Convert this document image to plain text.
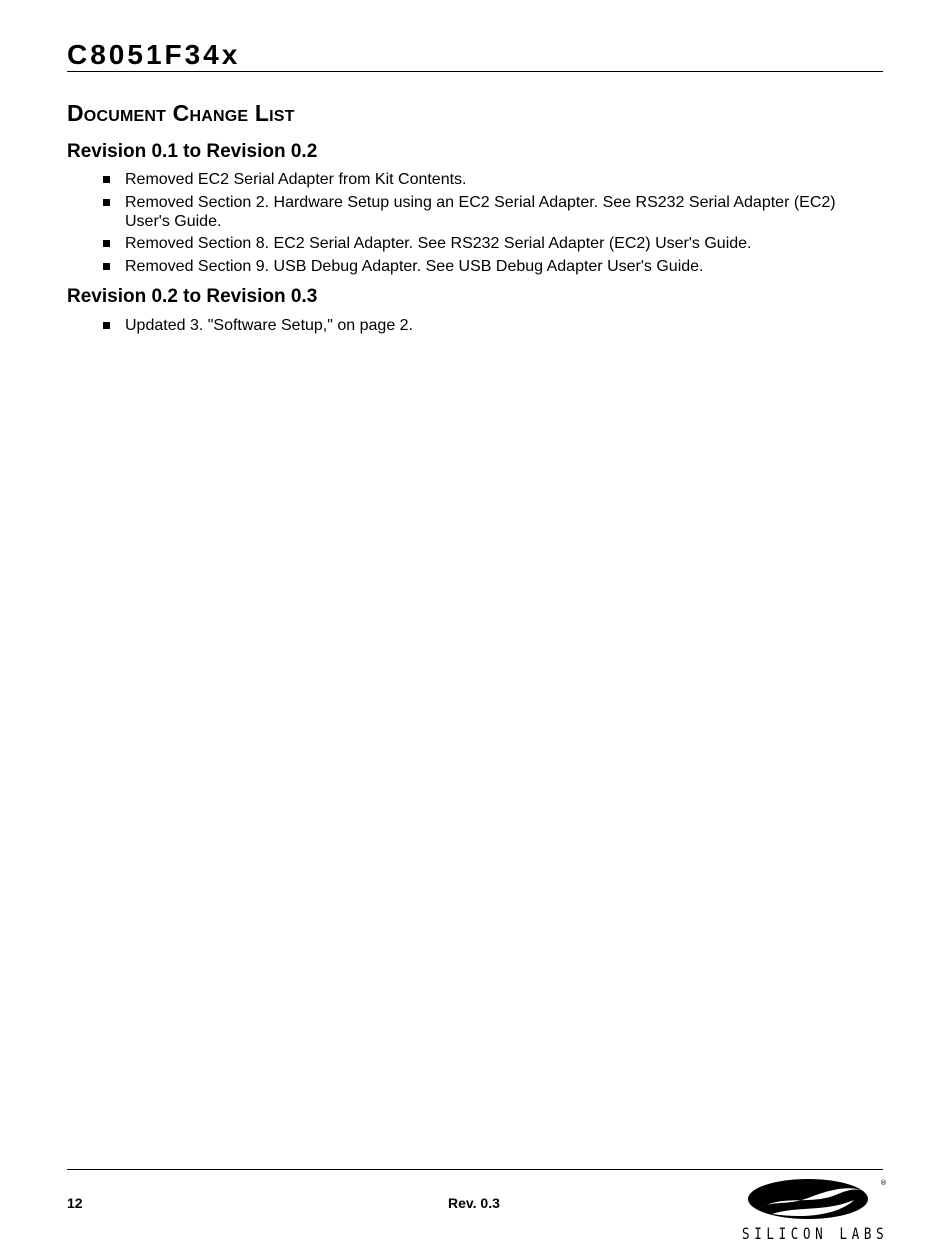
C8051F34x
Document Change List
Revision 0.1 to Revision 0.2
Removed EC2 Serial Adapter from Kit Contents.
Removed Section 2. Hardware Setup using an EC2 Serial Adapter. See RS232 Serial Adapter (EC2) User's Guide.
Removed Section 8. EC2 Serial Adapter. See RS232 Serial Adapter (EC2) User's Guide.
Removed Section 9. USB Debug Adapter. See USB Debug Adapter User's Guide.
Revision 0.2 to Revision 0.3
Updated 3. "Software Setup," on page 2.
12	Rev. 0.3
®
SILICON LABS
